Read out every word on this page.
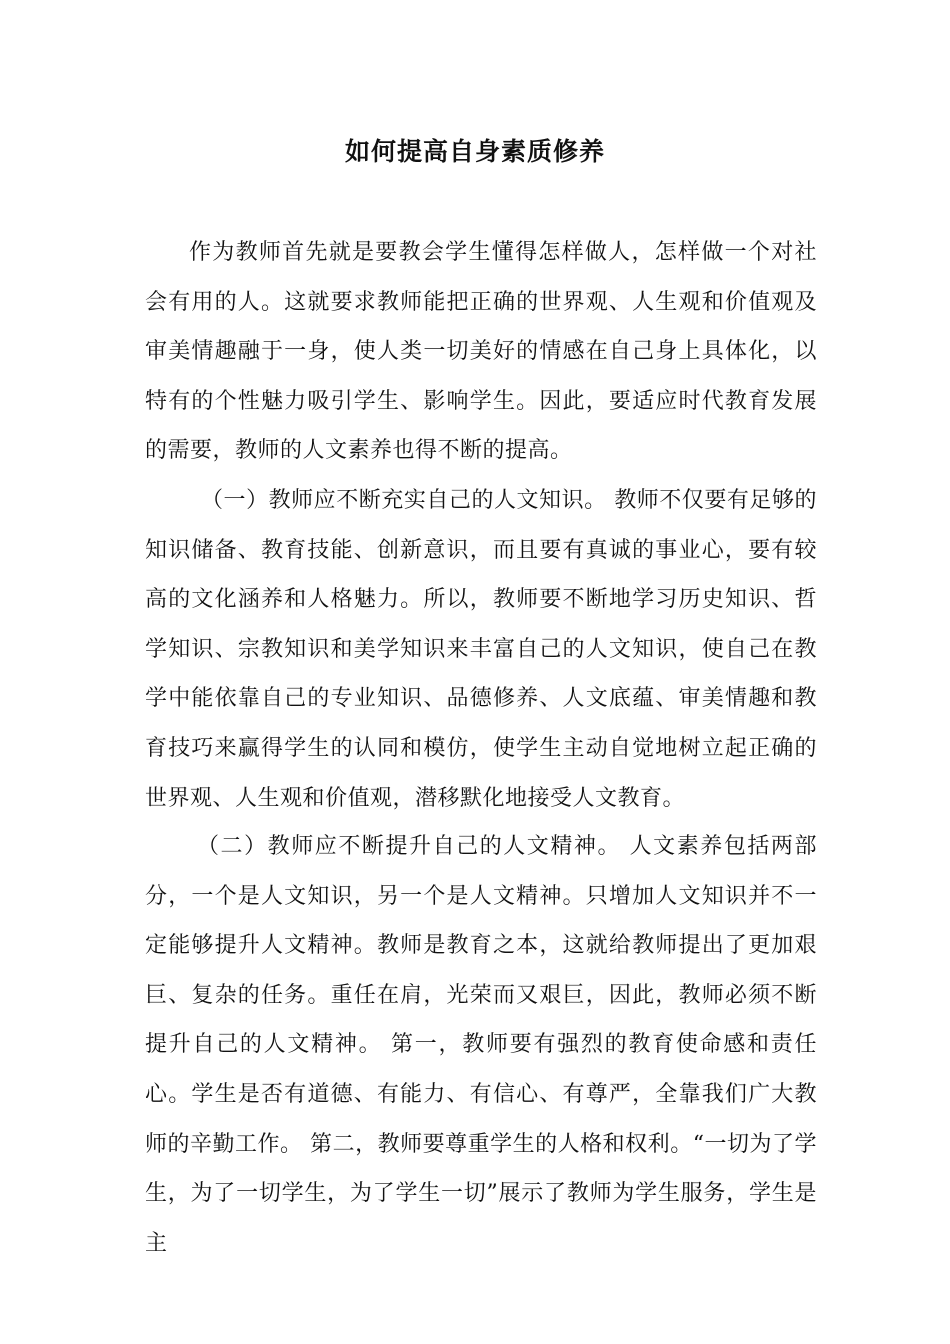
如何提高自身素质修养

作为教师首先就是要教会学生懂得怎样做人，怎样做一个对社会有用的人。这就要求教师能把正确的世界观、人生观和价值观及审美情趣融于一身，使人类一切美好的情感在自己身上具体化，以特有的个性魅力吸引学生、影响学生。因此，要适应时代教育发展的需要，教师的人文素养也得不断的提高。

（一）教师应不断充实自己的人文知识。 教师不仅要有足够的知识储备、教育技能、创新意识，而且要有真诚的事业心，要有较高的文化涵养和人格魅力。所以，教师要不断地学习历史知识、哲学知识、宗教知识和美学知识来丰富自己的人文知识，使自己在教学中能依靠自己的专业知识、品德修养、人文底蕴、审美情趣和教育技巧来赢得学生的认同和模仿，使学生主动自觉地树立起正确的世界观、人生观和价值观，潜移默化地接受人文教育。

（二）教师应不断提升自己的人文精神。 人文素养包括两部分，一个是人文知识，另一个是人文精神。只增加人文知识并不一定能够提升人文精神。教师是教育之本，这就给教师提出了更加艰巨、复杂的任务。重任在肩，光荣而又艰巨，因此，教师必须不断提升自己的人文精神。 第一，教师要有强烈的教育使命感和责任心。学生是否有道德、有能力、有信心、有尊严，全靠我们广大教师的辛勤工作。 第二，教师要尊重学生的人格和权利。“一切为了学生，为了一切学生，为了学生一切”展示了教师为学生服务，学生是主
